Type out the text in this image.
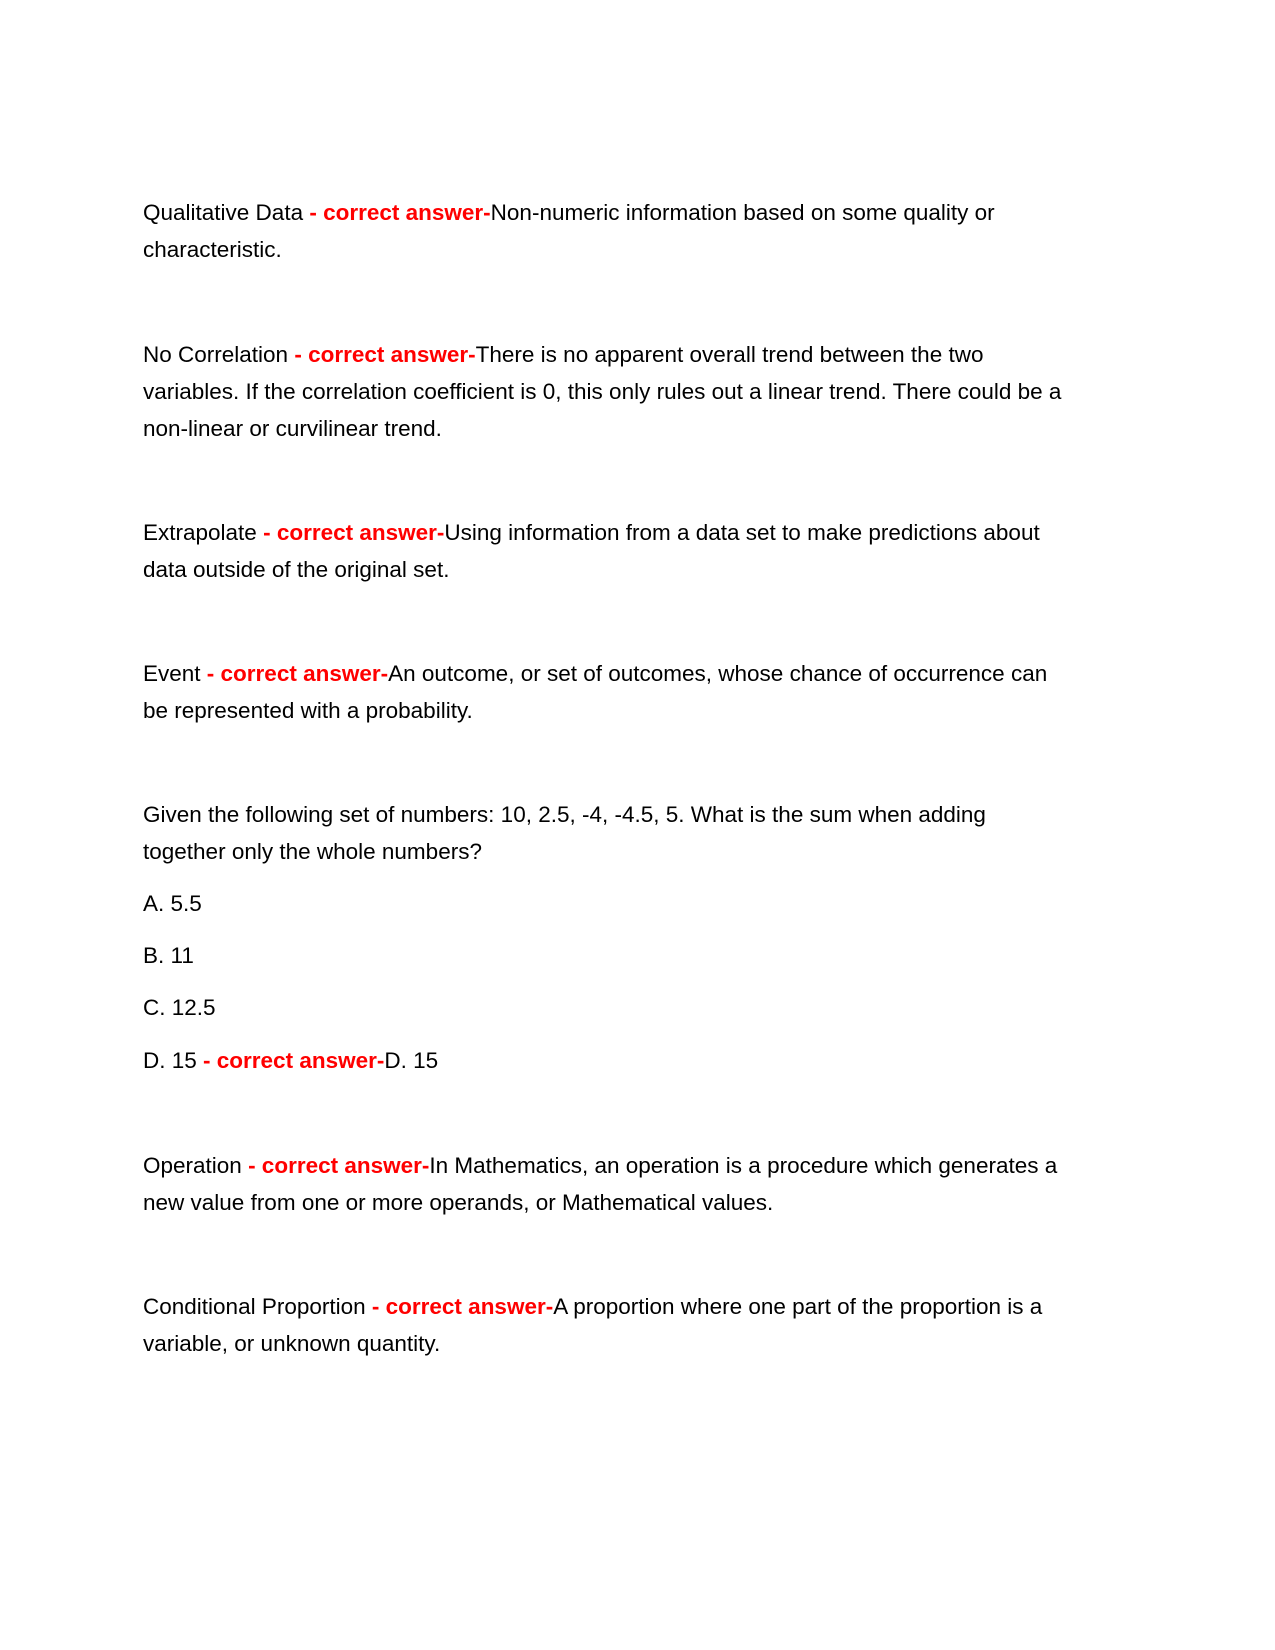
Qualitative Data - correct answer-Non-numeric information based on some quality or characteristic.
No Correlation - correct answer-There is no apparent overall trend between the two variables. If the correlation coefficient is 0, this only rules out a linear trend. There could be a non-linear or curvilinear trend.
Extrapolate - correct answer-Using information from a data set to make predictions about data outside of the original set.
Event - correct answer-An outcome, or set of outcomes, whose chance of occurrence can be represented with a probability.
Given the following set of numbers: 10, 2.5, -4, -4.5, 5. What is the sum when adding together only the whole numbers?
A. 5.5
B. 11
C. 12.5
D. 15 - correct answer-D. 15
Operation - correct answer-In Mathematics, an operation is a procedure which generates a new value from one or more operands, or Mathematical values.
Conditional Proportion - correct answer-A proportion where one part of the proportion is a variable, or unknown quantity.
